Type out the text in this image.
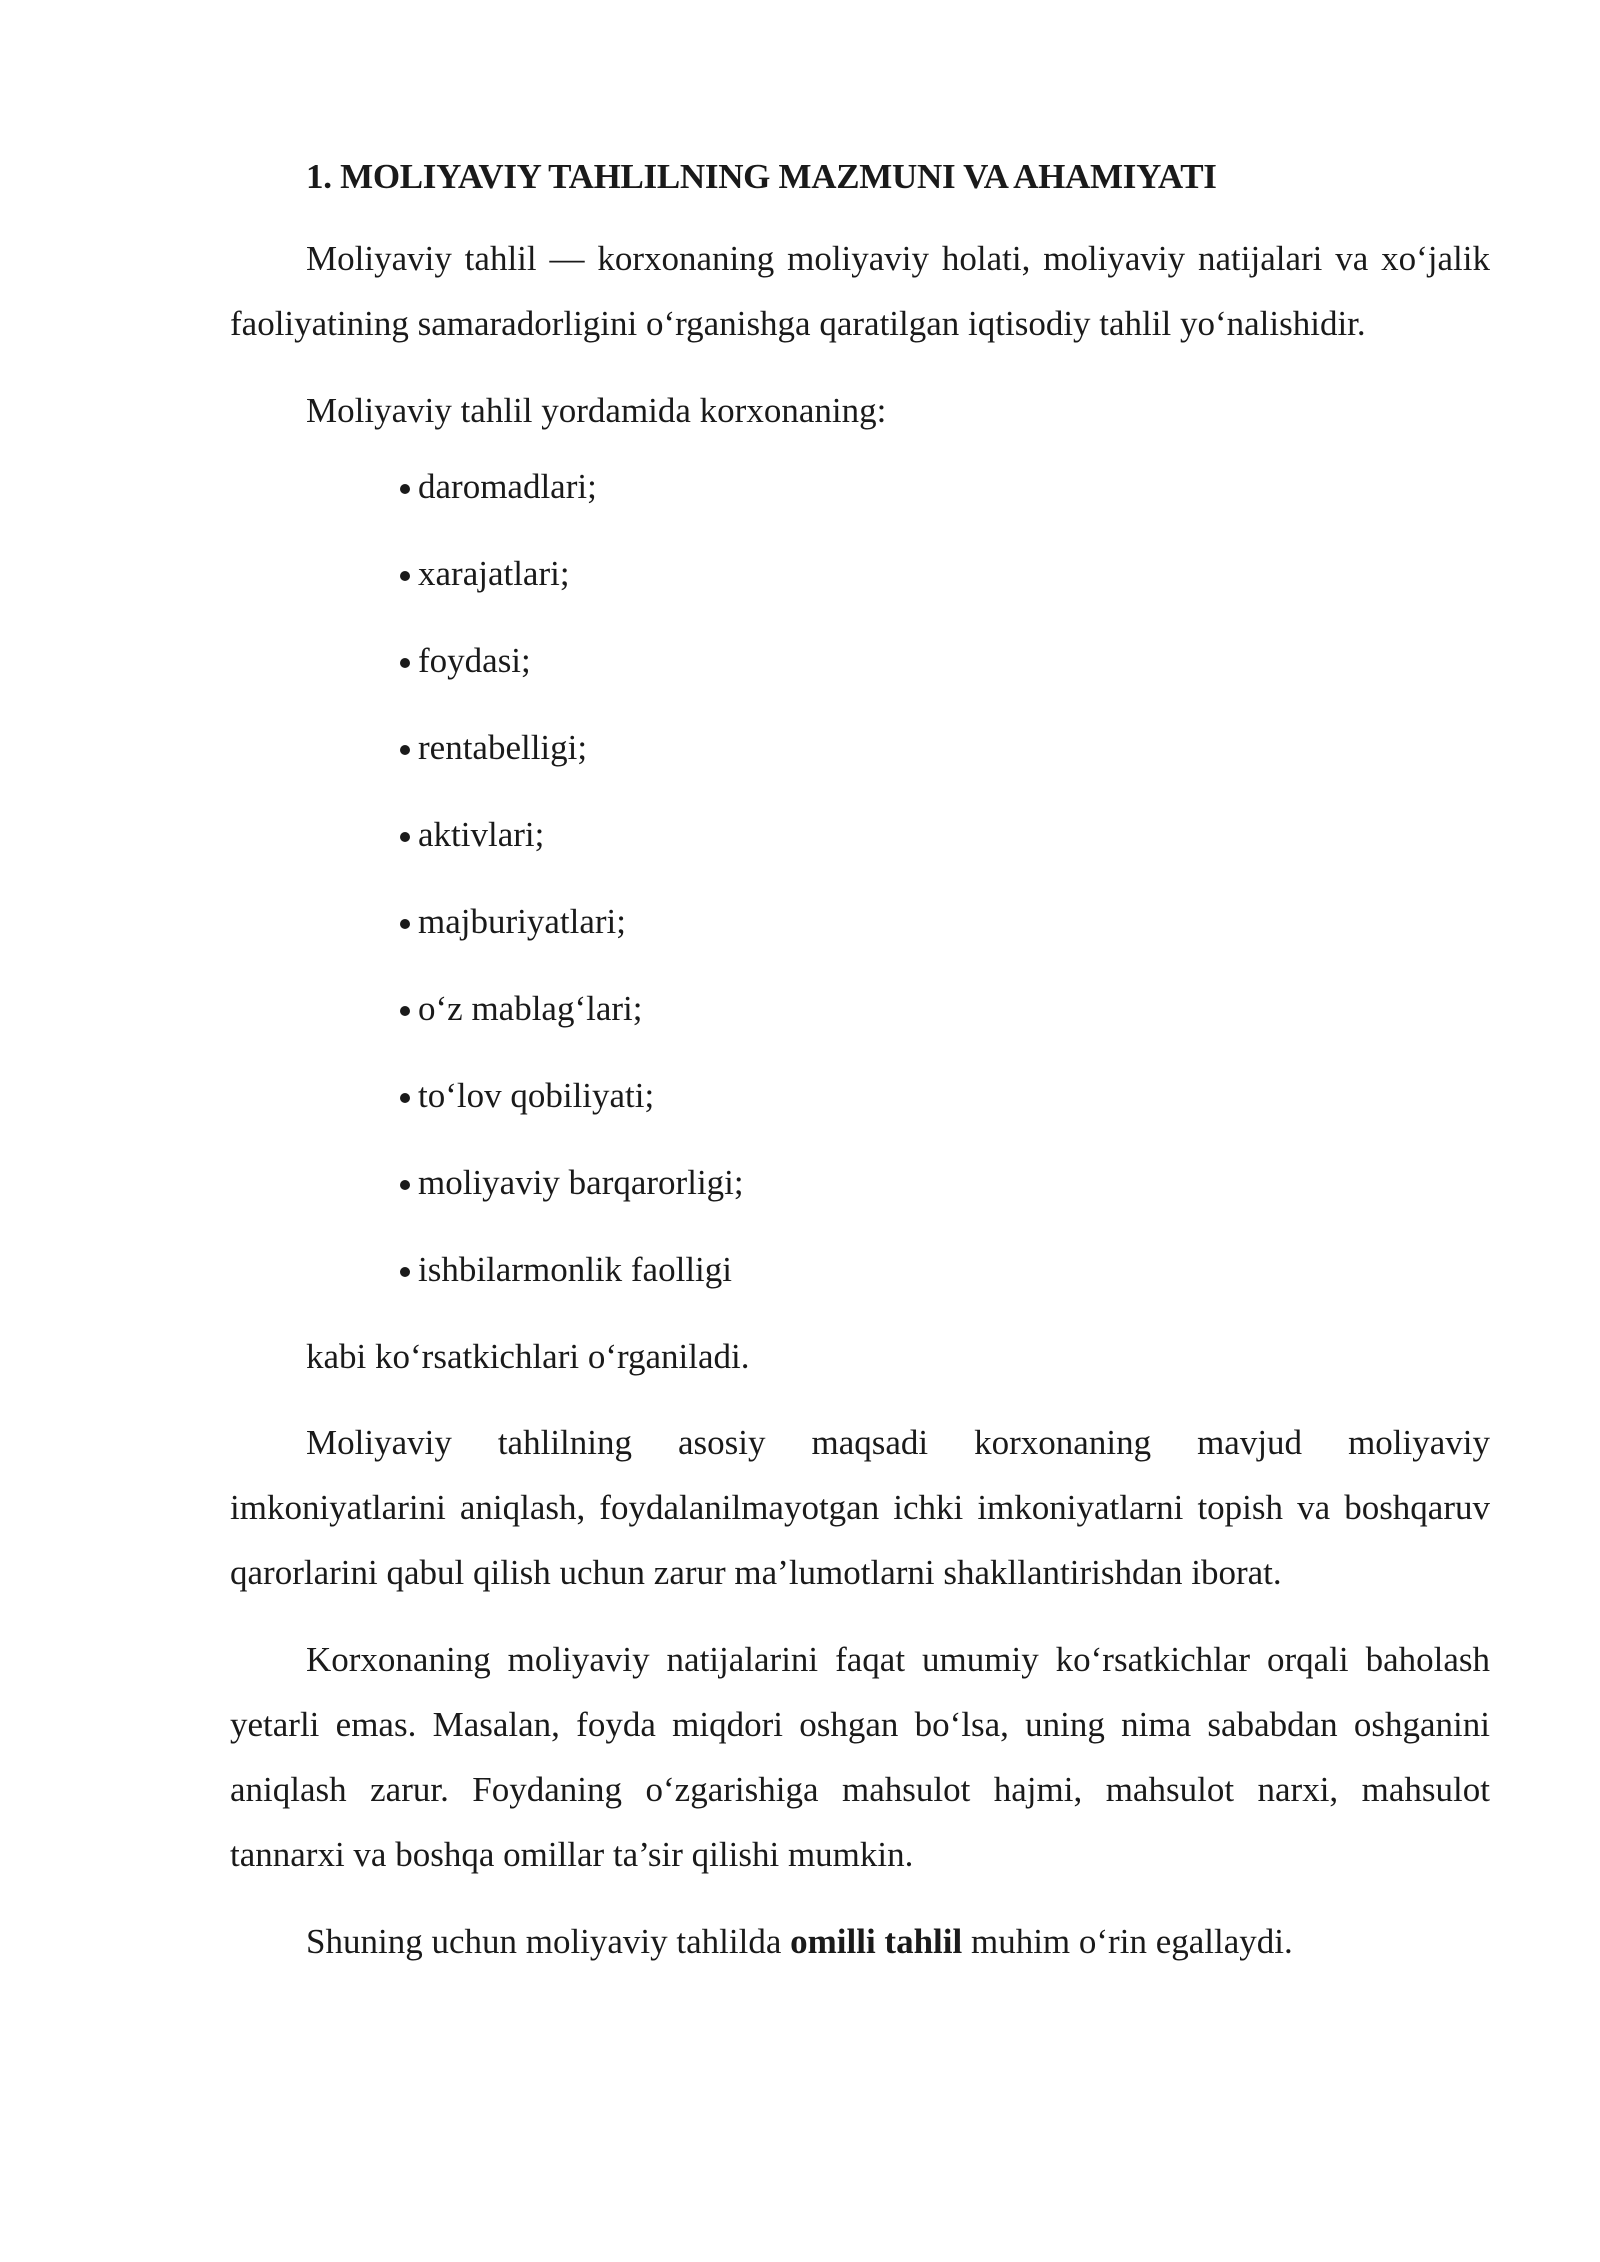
1. MOLIYAVIY TAHLILNING MAZMUNI VA AHAMIYATI

Moliyaviy tahlil — korxonaning moliyaviy holati, moliyaviy natijalari va xo‘jalik faoliyatining samaradorligini o‘rganishga qaratilgan iqtisodiy tahlil yo‘nalishidir.

Moliyaviy tahlil yordamida korxonaning:

daromadlari;
xarajatlari;
foydasi;
rentabelligi;
aktivlari;
majburiyatlari;
o‘z mablag‘lari;
to‘lov qobiliyati;
moliyaviy barqarorligi;
ishbilarmonlik faolligi

kabi ko‘rsatkichlari o‘rganiladi.

Moliyaviy tahlilning asosiy maqsadi korxonaning mavjud moliyaviy imkoniyatlarini aniqlash, foydalanilmayotgan ichki imkoniyatlarni topish va boshqaruv qarorlarini qabul qilish uchun zarur ma’lumotlarni shakllantirishdan iborat.

Korxonaning moliyaviy natijalarini faqat umumiy ko‘rsatkichlar orqali baholash yetarli emas. Masalan, foyda miqdori oshgan bo‘lsa, uning nima sababdan oshganini aniqlash zarur. Foydaning o‘zgarishiga mahsulot hajmi, mahsulot narxi, mahsulot tannarxi va boshqa omillar ta’sir qilishi mumkin.

Shuning uchun moliyaviy tahlilda omilli tahlil muhim o‘rin egallaydi.
